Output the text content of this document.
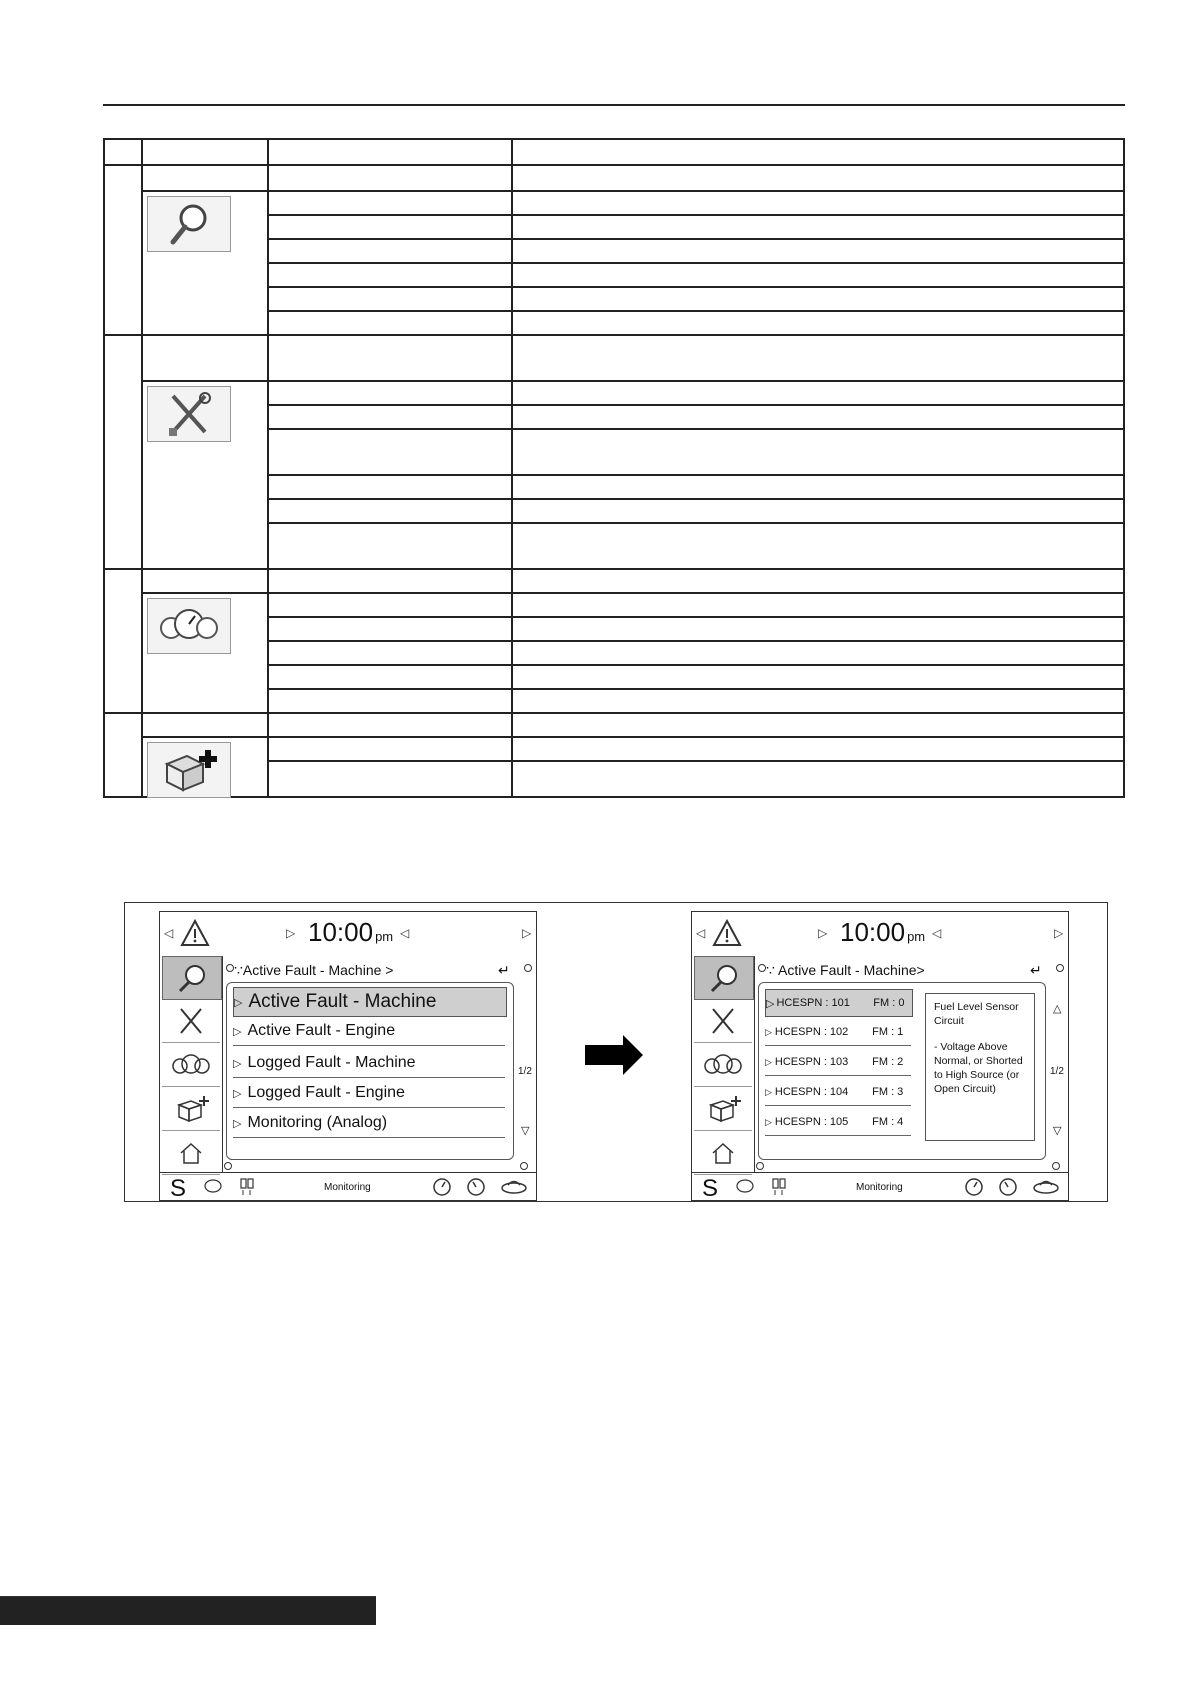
◁	▷ 10:00 pm ◁	▷
∵Active Fault - Machine >	↵
▷ Active Fault - Machine
▷ Active Fault - Engine
▷ Logged Fault - Machine
▷ Logged Fault - Engine
▷ Monitoring (Analog)
1/2
▽
S	Monitoring
◁	▷ 10:00 pm ◁	▷
∵ Active Fault - Machine>	↵
▷ HCESPN : 101	FM : 0
▷ HCESPN : 102	FM : 1
▷ HCESPN : 103	FM : 2
▷ HCESPN : 104	FM : 3
▷ HCESPN : 105	FM : 4

Fuel Level Sensor Circuit

- Voltage Above Normal, or Shorted to High Source (or Open Circuit)

△
1/2
▽
S	Monitoring
